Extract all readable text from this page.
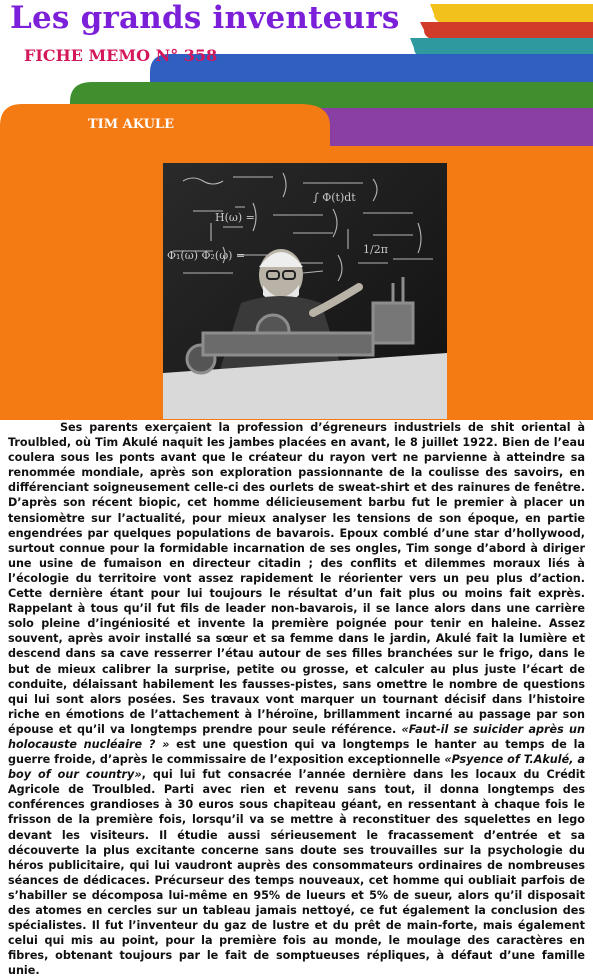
Les grands inventeurs
FICHE MEMO N° 358
TIM AKULE
H(ω) =
Φ₁(ω) Φ₂(ω) =
∫ Φ(t)dt
1/2π

Ses parents exerçaient la profession d’égreneurs industriels de shit oriental à Troulbled, où Tim Akulé naquit les jambes placées en avant, le 8 juillet 1922. Bien de l’eau coulera sous les ponts avant que le créateur du rayon vert ne parvienne à atteindre sa renommée mondiale, après son exploration passionnante de la coulisse des savoirs, en différenciant soigneusement celle-ci des ourlets de sweat-shirt et des rainures de fenêtre. D’après son récent biopic, cet homme délicieusement barbu fut le premier à placer un tensiomètre sur l’actualité, pour mieux analyser les tensions de son époque, en partie engendrées par quelques populations de bavarois. Epoux comblé d’une star d’hollywood, surtout connue pour la formidable incarnation de ses ongles, Tim songe d’abord à diriger une usine de fumaison en directeur citadin ; des conflits et dilemmes moraux liés à l’écologie du territoire vont assez rapidement le réorienter vers un peu plus d’action. Cette dernière étant pour lui toujours le résultat d’un fait plus ou moins fait exprès. Rappelant à tous qu’il fut fils de leader non-bavarois, il se lance alors dans une carrière solo pleine d’ingéniosité et invente la première poignée pour tenir en haleine. Assez souvent, après avoir installé sa sœur et sa femme dans le jardin, Akulé fait la lumière et descend dans sa cave resserrer l’étau autour de ses filles branchées sur le frigo, dans le but de mieux calibrer la surprise, petite ou grosse, et calculer au plus juste l’écart de conduite, délaissant habilement les fausses-pistes, sans omettre le nombre de questions qui lui sont alors posées. Ses travaux vont marquer un tournant décisif dans l’histoire riche en émotions de l’attachement à l’héroïne, brillamment incarné au passage par son épouse et qu’il va longtemps prendre pour seule référence. «Faut-il se suicider après un holocauste nucléaire ? » est une question qui va longtemps le hanter au temps de la guerre froide, d’après le commissaire de l’exposition exceptionnelle «Psyence of T.Akulé, a boy of our country», qui lui fut consacrée l’année dernière dans les locaux du Crédit Agricole de Troulbled. Parti avec rien et revenu sans tout, il donna longtemps des conférences grandioses à 30 euros sous chapiteau géant, en ressentant à chaque fois le frisson de la première fois, lorsqu’il va se mettre à reconstituer des squelettes en lego devant les visiteurs. Il étudie aussi sérieusement le fracassement d’entrée et sa découverte la plus excitante concerne sans doute ses trouvailles sur la psychologie du héros publicitaire, qui lui vaudront auprès des consommateurs ordinaires de nombreuses séances de dédicaces. Précurseur des temps nouveaux, cet homme qui oubliait parfois de s’habiller se décomposa lui-même en 95% de lueurs et 5% de sueur, alors qu’il disposait des atomes en cercles sur un tableau jamais nettoyé, ce fut également la conclusion des spécialistes. Il fut l’inventeur du gaz de lustre et du prêt de main-forte, mais également celui qui mis au point, pour la première fois au monde, le moulage des caractères en fibres, obtenant toujours par le fait de somptueuses répliques, à défaut d’une famille unie.
